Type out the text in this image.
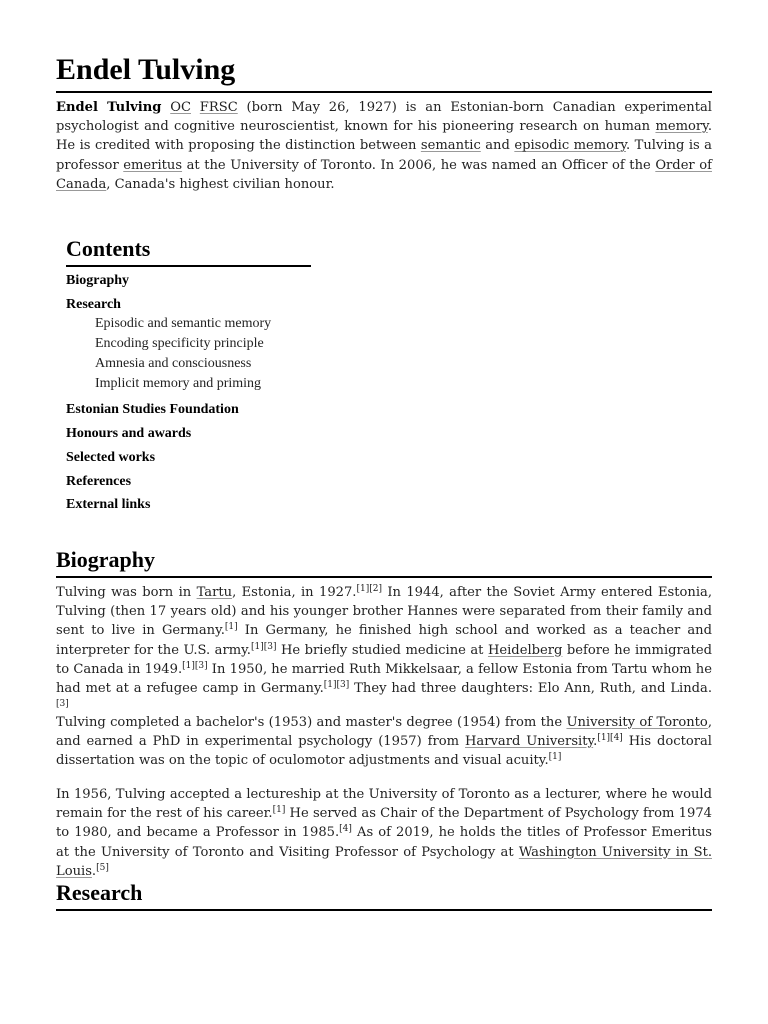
Endel Tulving

Endel Tulving OC FRSC (born May 26, 1927) is an Estonian-born Canadian experimental psychologist and cognitive neuroscientist, known for his pioneering research on human memory. He is credited with proposing the distinction between semantic and episodic memory. Tulving is a professor emeritus at the University of Toronto. In 2006, he was named an Officer of the Order of Canada, Canada's highest civilian honour.

Contents
Biography
Research
Episodic and semantic memory
Encoding specificity principle
Amnesia and consciousness
Implicit memory and priming
Estonian Studies Foundation
Honours and awards
Selected works
References
External links
Biography

Tulving was born in Tartu, Estonia, in 1927.[1][2] In 1944, after the Soviet Army entered Estonia, Tulving (then 17 years old) and his younger brother Hannes were separated from their family and sent to live in Germany.[1] In Germany, he finished high school and worked as a teacher and interpreter for the U.S. army.[1][3] He briefly studied medicine at Heidelberg before he immigrated to Canada in 1949.[1][3] In 1950, he married Ruth Mikkelsaar, a fellow Estonia from Tartu whom he had met at a refugee camp in Germany.[1][3] They had three daughters: Elo Ann, Ruth, and Linda.[3]

Tulving completed a bachelor's (1953) and master's degree (1954) from the University of Toronto, and earned a PhD in experimental psychology (1957) from Harvard University.[1][4] His doctoral dissertation was on the topic of oculomotor adjustments and visual acuity.[1]

In 1956, Tulving accepted a lectureship at the University of Toronto as a lecturer, where he would remain for the rest of his career.[1] He served as Chair of the Department of Psychology from 1974 to 1980, and became a Professor in 1985.[4] As of 2019, he holds the titles of Professor Emeritus at the University of Toronto and Visiting Professor of Psychology at Washington University in St. Louis.[5]

Research
